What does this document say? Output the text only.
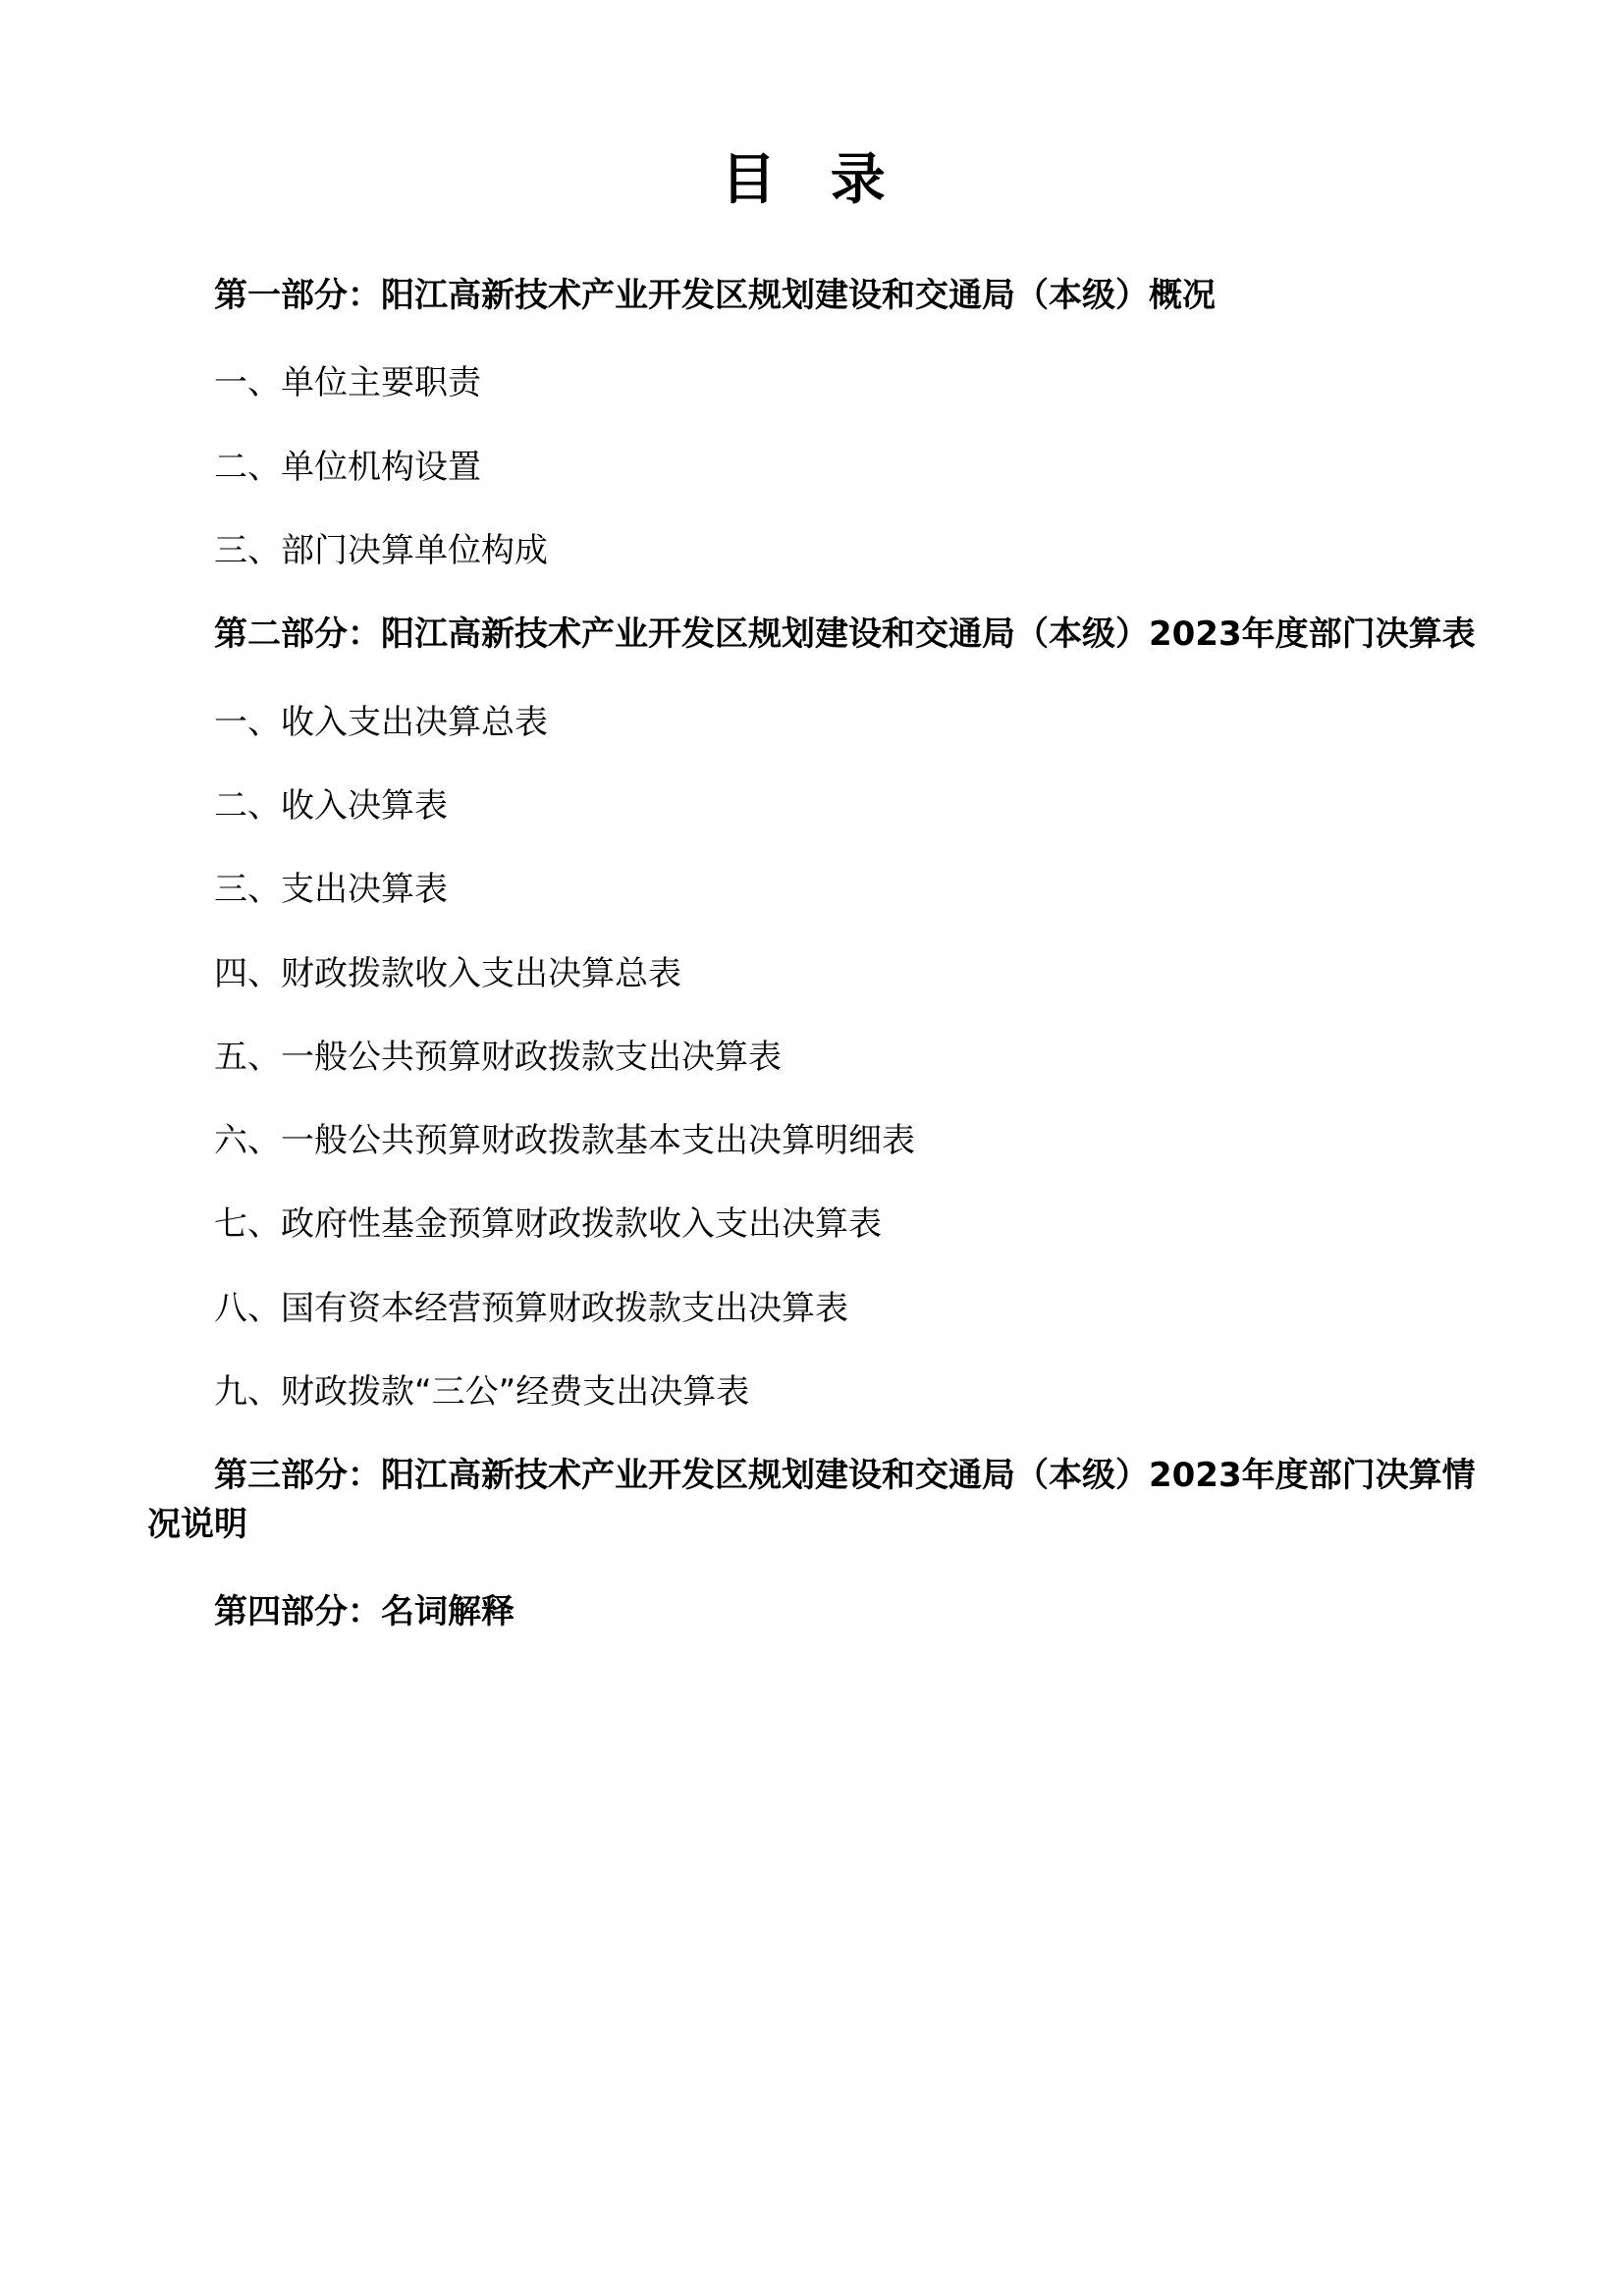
目 录

第一部分：阳江高新技术产业开发区规划建设和交通局（本级）概况

一、单位主要职责

二、单位机构设置

三、部门决算单位构成

第二部分：阳江高新技术产业开发区规划建设和交通局（本级）2023年度部门决算表

一、收入支出决算总表

二、收入决算表

三、支出决算表

四、财政拨款收入支出决算总表

五、一般公共预算财政拨款支出决算表

六、一般公共预算财政拨款基本支出决算明细表

七、政府性基金预算财政拨款收入支出决算表

八、国有资本经营预算财政拨款支出决算表

九、财政拨款“三公”经费支出决算表

第三部分：阳江高新技术产业开发区规划建设和交通局（本级）2023年度部门决算情况说明

第四部分：名词解释
